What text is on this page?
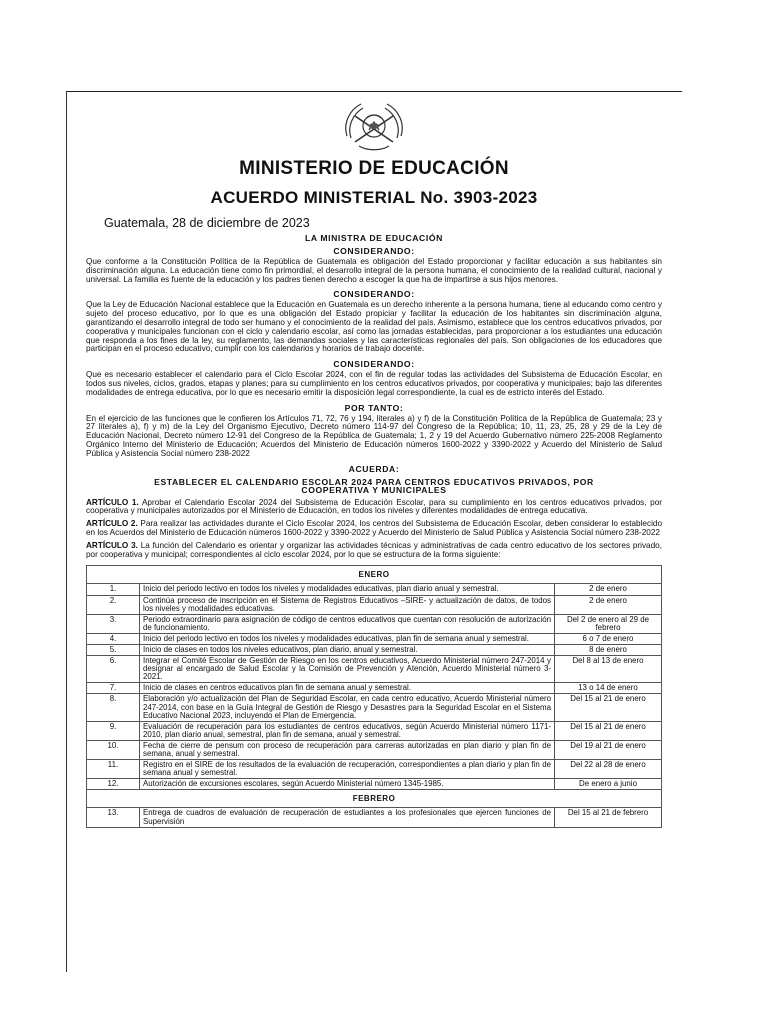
MINISTERIO DE EDUCACIÓN
ACUERDO MINISTERIAL No. 3903-2023
Guatemala, 28 de diciembre de 2023
LA MINISTRA DE EDUCACIÓN
CONSIDERANDO:

Que conforme a la Constitución Política de la República de Guatemala es obligación del Estado proporcionar y facilitar educación a sus habitantes sin discriminación alguna. La educación tiene como fin primordial, el desarrollo integral de la persona humana, el conocimiento de la realidad cultural, nacional y universal. La familia es fuente de la educación y los padres tienen derecho a escoger la que ha de impartirse a sus hijos menores.

CONSIDERANDO:

Que la Ley de Educación Nacional establece que la Educación en Guatemala es un derecho inherente a la persona humana, tiene al educando como centro y sujeto del proceso educativo, por lo que es una obligación del Estado propiciar y facilitar la educación de los habitantes sin discriminación alguna, garantizando el desarrollo integral de todo ser humano y el conocimiento de la realidad del país. Asimismo, establece que los centros educativos privados, por cooperativa y municipales funcionan con el ciclo y calendario escolar, así como las jornadas establecidas, para proporcionar a los estudiantes una educación que responda a los fines de la ley, su reglamento, las demandas sociales y las características regionales del país. Son obligaciones de los educadores que participan en el proceso educativo, cumplir con los calendarios y horarios de trabajo docente.

CONSIDERANDO:

Que es necesario establecer el calendario para el Ciclo Escolar 2024, con el fin de regular todas las actividades del Subsistema de Educación Escolar, en todos sus niveles, ciclos, grados, etapas y planes; para su cumplimiento en los centros educativos privados, por cooperativa y municipales; bajo las diferentes modalidades de entrega educativa, por lo que es necesario emitir la disposición legal correspondiente, la cual es de estricto interés del Estado.

POR TANTO:

En el ejercicio de las funciones que le confieren los Artículos 71, 72, 76 y 194, literales a) y f) de la Constitución Política de la República de Guatemala; 23 y 27 literales a), f) y m) de la Ley del Organismo Ejecutivo, Decreto número 114-97 del Congreso de la República; 10, 11, 23, 25, 28 y 29 de la Ley de Educación Nacional, Decreto número 12-91 del Congreso de la República de Guatemala; 1, 2 y 19 del Acuerdo Gubernativo número 225-2008 Reglamento Orgánico Interno del Ministerio de Educación; Acuerdos del Ministerio de Educación números 1600-2022 y 3390-2022 y Acuerdo del Ministerio de Salud Pública y Asistencia Social número 238-2022

ACUERDA:
ESTABLECER EL CALENDARIO ESCOLAR 2024 PARA CENTROS EDUCATIVOS PRIVADOS, POR COOPERATIVA Y MUNICIPALES

ARTÍCULO 1. Aprobar el Calendario Escolar 2024 del Subsistema de Educación Escolar, para su cumplimiento en los centros educativos privados, por cooperativa y municipales autorizados por el Ministerio de Educación, en todos los niveles y diferentes modalidades de entrega educativa.

ARTÍCULO 2. Para realizar las actividades durante el Ciclo Escolar 2024, los centros del Subsistema de Educación Escolar, deben considerar lo establecido en los Acuerdos del Ministerio de Educación números 1600-2022 y 3390-2022 y Acuerdo del Ministerio de Salud Pública y Asistencia Social número 238-2022

ARTÍCULO 3. La función del Calendario es orientar y organizar las actividades técnicas y administrativas de cada centro educativo de los sectores privado, por cooperativa y municipal; correspondientes al ciclo escolar 2024, por lo que se estructura de la forma siguiente:

ENERO		
1.	Inicio del periodo lectivo en todos los niveles y modalidades educativas, plan diario anual y semestral.	2 de enero
2.	Continúa proceso de inscripción en el Sistema de Registros Educativos –SIRE- y actualización de datos, de todos los niveles y modalidades educativas.	2 de enero
3.	Periodo extraordinario para asignación de código de centros educativos que cuentan con resolución de autorización de funcionamiento.	Del 2 de enero al 29 de febrero
4.	Inicio del periodo lectivo en todos los niveles y modalidades educativas, plan fin de semana anual y semestral.	6 o 7 de enero
5.	Inicio de clases en todos los niveles educativos, plan diario, anual y semestral.	8 de enero
6.	Integrar el Comité Escolar de Gestión de Riesgo en los centros educativos, Acuerdo Ministerial número 247-2014 y designar al encargado de Salud Escolar y la Comisión de Prevención y Atención, Acuerdo Ministerial número 3-2021.	Del 8 al 13 de enero
7.	Inicio de clases en centros educativos plan fin de semana anual y semestral.	13 o 14 de enero
8.	Elaboración y/o actualización del Plan de Seguridad Escolar, en cada centro educativo, Acuerdo Ministerial número 247-2014, con base en la Guía Integral de Gestión de Riesgo y Desastres para la Seguridad Escolar en el Sistema Educativo Nacional 2023, incluyendo el Plan de Emergencia.	Del 15 al 21 de enero
9.	Evaluación de recuperación para los estudiantes de centros educativos, según Acuerdo Ministerial número 1171-2010, plan diario anual, semestral, plan fin de semana, anual y semestral.	Del 15 al 21 de enero
10.	Fecha de cierre de pensum con proceso de recuperación para carreras autorizadas en plan diario y plan fin de semana, anual y semestral.	Del 19 al 21 de enero
11.	Registro en el SIRE de los resultados de la evaluación de recuperación, correspondientes a plan diario y plan fin de semana anual y semestral.	Del 22 al 28 de enero
12.	Autorización de excursiones escolares, según Acuerdo Ministerial número 1345-1985.	De enero a junio
FEBRERO		
13.	Entrega de cuadros de evaluación de recuperación de estudiantes a los profesionales que ejercen funciones de Supervisión	Del 15 al 21 de febrero
